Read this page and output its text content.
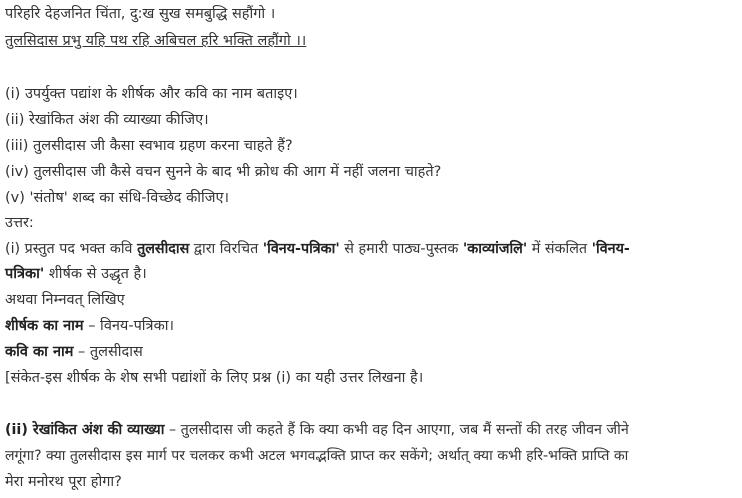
परिहरि देहजनित चिंता, दु:ख सुख समबुद्धि सहौंगो ।
तुलसिदास प्रभु यहि पथ रहि अबिचल हरि भक्ति लहौंगो ।।
(i) उपर्युक्त पद्यांश के शीर्षक और कवि का नाम बताइए।
(ii) रेखांकित अंश की व्याख्या कीजिए।
(iii) तुलसीदास जी कैसा स्वभाव ग्रहण करना चाहते हैं?
(iv) तुलसीदास जी कैसे वचन सुनने के बाद भी क्रोध की आग में नहीं जलना चाहते?
(v) 'संतोष' शब्द का संधि-विच्छेद कीजिए।
उत्तर:
(i) प्रस्तुत पद भक्त कवि तुलसीदास द्वारा विरचित 'विनय-पत्रिका' से हमारी पाठ्य-पुस्तक 'काव्यांजलि' में संकलित 'विनय-
पत्रिका' शीर्षक से उद्धृत है।
अथवा निम्नवत् लिखिए
शीर्षक का नाम – विनय-पत्रिका।
कवि का नाम – तुलसीदास
[संकेत-इस शीर्षक के शेष सभी पद्यांशों के लिए प्रश्न (i) का यही उत्तर लिखना है।
(ii) रेखांकित अंश की व्याख्या – तुलसीदास जी कहते हैं कि क्या कभी वह दिन आएगा, जब मैं सन्तों की तरह जीवन जीने
लगूंगा? क्या तुलसीदास इस मार्ग पर चलकर कभी अटल भगवद्भक्ति प्राप्त कर सकेंगे; अर्थात् क्या कभी हरि-भक्ति प्राप्ति का
मेरा मनोरथ पूरा होगा?
